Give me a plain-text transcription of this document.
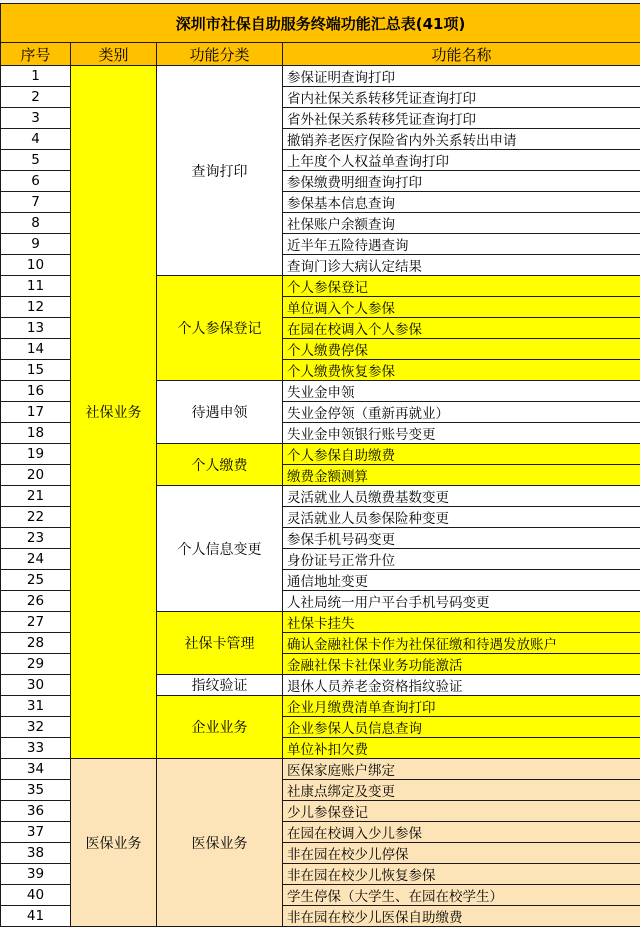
深圳市社保自助服务终端功能汇总表(41项)			
序号	类别	功能分类	功能名称
1	社保业务	查询打印	参保证明查询打印
2			省内社保关系转移凭证查询打印
3			省外社保关系转移凭证查询打印
4			撤销养老医疗保险省内外关系转出申请
5			上年度个人权益单查询打印
6			参保缴费明细查询打印
7			参保基本信息查询
8			社保账户余额查询
9			近半年五险待遇查询
10			查询门诊大病认定结果
11		个人参保登记	个人参保登记
12			单位调入个人参保
13			在园在校调入个人参保
14			个人缴费停保
15			个人缴费恢复参保
16		待遇申领	失业金申领
17			失业金停领（重新再就业）
18			失业金申领银行账号变更
19		个人缴费	个人参保自助缴费
20			缴费金额测算
21		个人信息变更	灵活就业人员缴费基数变更
22			灵活就业人员参保险种变更
23			参保手机号码变更
24			身份证号正常升位
25			通信地址变更
26			人社局统一用户平台手机号码变更
27		社保卡管理	社保卡挂失
28			确认金融社保卡作为社保征缴和待遇发放账户
29			金融社保卡社保业务功能激活
30		指纹验证	退休人员养老金资格指纹验证
31		企业业务	企业月缴费清单查询打印
32			企业参保人员信息查询
33			单位补扣欠费
34	医保业务	医保业务	医保家庭账户绑定
35			社康点绑定及变更
36			少儿参保登记
37			在园在校调入少儿参保
38			非在园在校少儿停保
39			非在园在校少儿恢复参保
40			学生停保（大学生、在园在校学生）
41			非在园在校少儿医保自助缴费
